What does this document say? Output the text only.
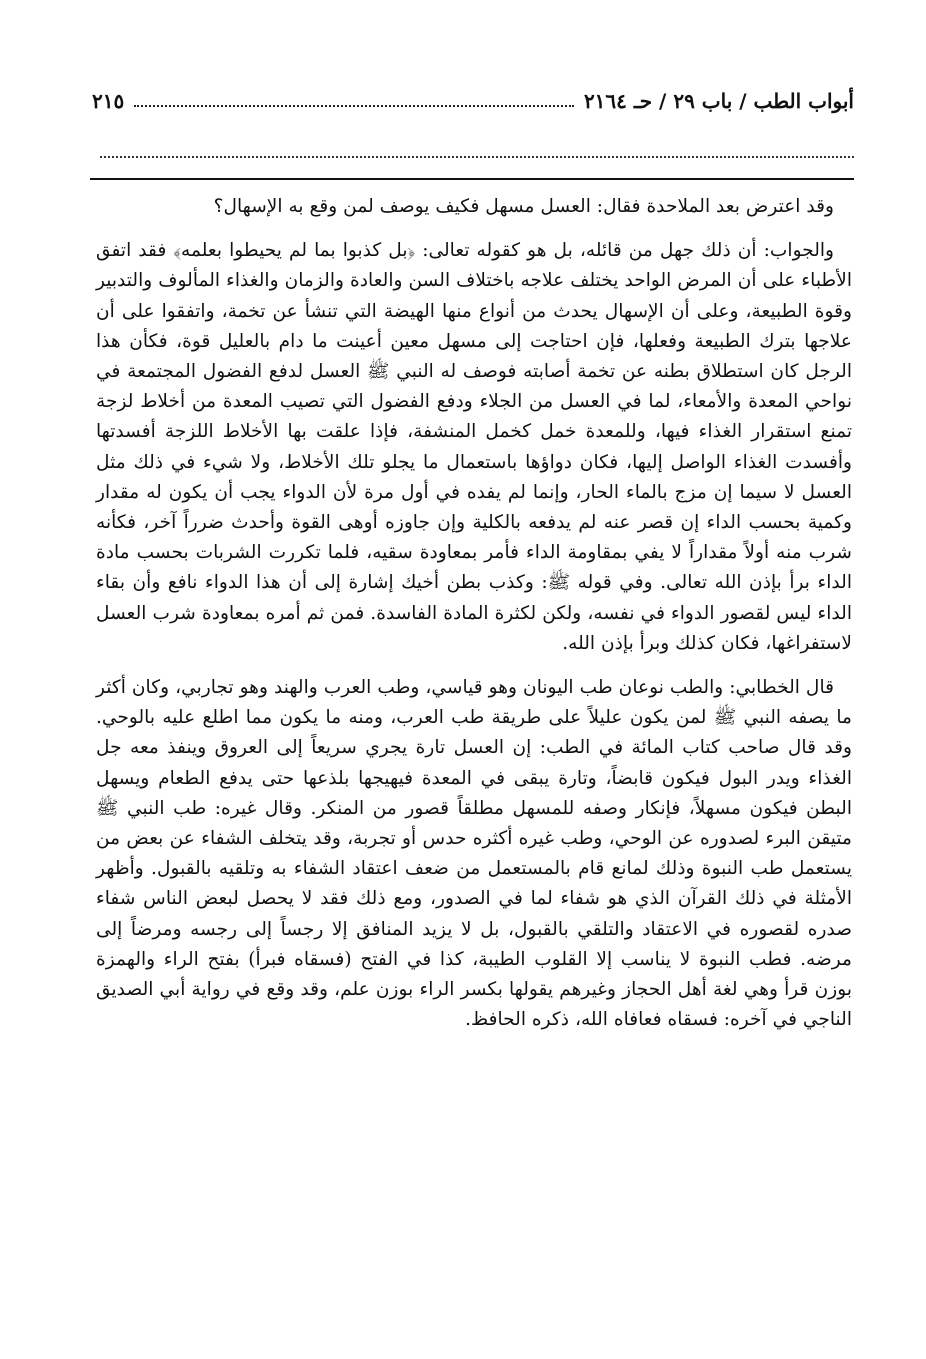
أبواب الطب / باب ٢٩ / حـ ٢١٦٤
٢١٥

وقد اعترض بعد الملاحدة فقال: العسل مسهل فكيف يوصف لمن وقع به الإسهال؟

والجواب: أن ذلك جهل من قائله، بل هو كقوله تعالى: ﴿بل كذبوا بما لم يحيطوا بعلمه﴾ فقد اتفق الأطباء على أن المرض الواحد يختلف علاجه باختلاف السن والعادة والزمان والغذاء المألوف والتدبير وقوة الطبيعة، وعلى أن الإسهال يحدث من أنواع منها الهيضة التي تنشأ عن تخمة، واتفقوا على أن علاجها بترك الطبيعة وفعلها، فإن احتاجت إلى مسهل معين أعينت ما دام بالعليل قوة، فكأن هذا الرجل كان استطلاق بطنه عن تخمة أصابته فوصف له النبي ﷺ العسل لدفع الفضول المجتمعة في نواحي المعدة والأمعاء، لما في العسل من الجلاء ودفع الفضول التي تصيب المعدة من أخلاط لزجة تمنع استقرار الغذاء فيها، وللمعدة خمل كخمل المنشفة، فإذا علقت بها الأخلاط اللزجة أفسدتها وأفسدت الغذاء الواصل إليها، فكان دواؤها باستعمال ما يجلو تلك الأخلاط، ولا شيء في ذلك مثل العسل لا سيما إن مزج بالماء الحار، وإنما لم يفده في أول مرة لأن الدواء يجب أن يكون له مقدار وكمية بحسب الداء إن قصر عنه لم يدفعه بالكلية وإن جاوزه أوهى القوة وأحدث ضرراً آخر، فكأنه شرب منه أولاً مقداراً لا يفي بمقاومة الداء فأمر بمعاودة سقيه، فلما تكررت الشربات بحسب مادة الداء برأ بإذن الله تعالى. وفي قوله ﷺ: وكذب بطن أخيك إشارة إلى أن هذا الدواء نافع وأن بقاء الداء ليس لقصور الدواء في نفسه، ولكن لكثرة المادة الفاسدة. فمن ثم أمره بمعاودة شرب العسل لاستفراغها، فكان كذلك وبرأ بإذن الله.

قال الخطابي: والطب نوعان طب اليونان وهو قياسي، وطب العرب والهند وهو تجاربي، وكان أكثر ما يصفه النبي ﷺ لمن يكون عليلاً على طريقة طب العرب، ومنه ما يكون مما اطلع عليه بالوحي. وقد قال صاحب كتاب المائة في الطب: إن العسل تارة يجري سريعاً إلى العروق وينفذ معه جل الغذاء ويدر البول فيكون قابضاً، وتارة يبقى في المعدة فيهيجها بلذعها حتى يدفع الطعام ويسهل البطن فيكون مسهلاً، فإنكار وصفه للمسهل مطلقاً قصور من المنكر. وقال غيره: طب النبي ﷺ متيقن البرء لصدوره عن الوحي، وطب غيره أكثره حدس أو تجربة، وقد يتخلف الشفاء عن بعض من يستعمل طب النبوة وذلك لمانع قام بالمستعمل من ضعف اعتقاد الشفاء به وتلقيه بالقبول. وأظهر الأمثلة في ذلك القرآن الذي هو شفاء لما في الصدور، ومع ذلك فقد لا يحصل لبعض الناس شفاء صدره لقصوره في الاعتقاد والتلقي بالقبول، بل لا يزيد المنافق إلا رجساً إلى رجسه ومرضاً إلى مرضه. فطب النبوة لا يناسب إلا القلوب الطيبة، كذا في الفتح (فسقاه فبرأ) بفتح الراء والهمزة بوزن قرأ وهي لغة أهل الحجاز وغيرهم يقولها بكسر الراء بوزن علم، وقد وقع في رواية أبي الصديق الناجي في آخره: فسقاه فعافاه الله، ذكره الحافظ.
